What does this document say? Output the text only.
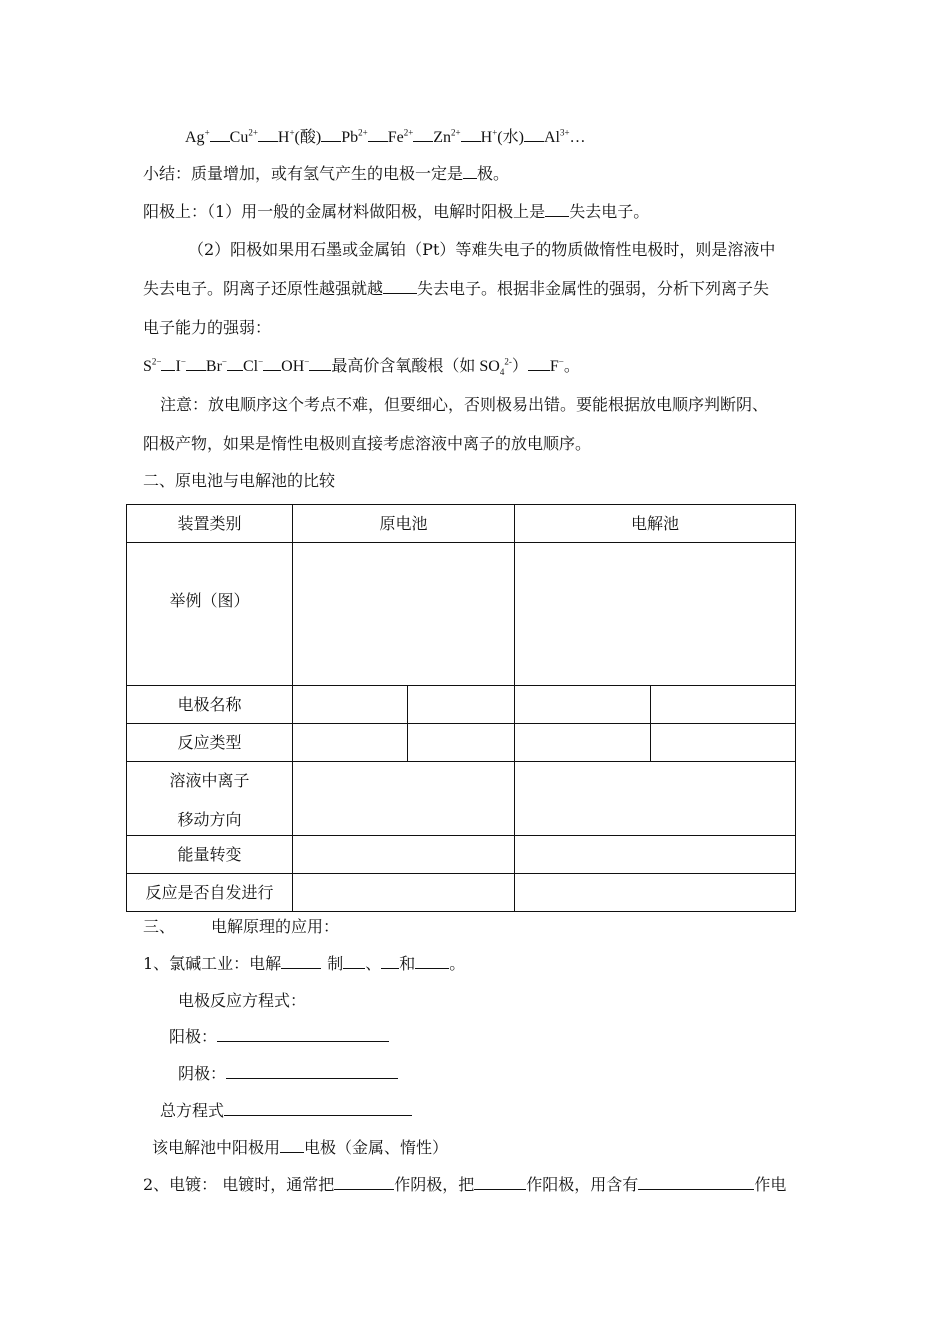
Ag+ $Cu^{2+}$ H+(酸) $Pb^{2+}$ $Fe^{2+}$ $Zn^{2+}$ H+(水) $Al^{3+}\dots$
小结：质量增加，或有氢气产生的电极一定是 极。
阳极上：（1）用一般的金属材料做阳极，电解时阳极上是 失去电子。
（2）阳极如果用石墨或金属铂（Pt）等难失电子的物质做惰性电极时，则是溶液中
失去电子。阴离子还原性越强就越 失去电子。根据非金属性的强弱，分析下列离子失
电子能力的强弱：
$S^{2-}$ I− Br− Cl− OH− 最高价含氧酸根（如 $SO_4^{2-}$） F−。
注意：放电顺序这个考点不难，但要细心，否则极易出错。要能根据放电顺序判断阴、
阳极产物，如果是惰性电极则直接考虑溶液中离子的放电顺序。
二、原电池与电解池的比较
装置类别	原电池		电解池	

举例（图）				

电极名称				

反应类型				

溶液中离子
移动方向				

能量转变				

反应是否自发进行				

三、 电解原理的应用：
1、氯碱工业：电解	制 、 和 。
电极反应方程式：
阳极：
阴极：
总方程式
该电解池中阳极用 电极（金属、惰性）
2、电镀： 电镀时，通常把	作阴极，把	作阳极，用含有	作电
